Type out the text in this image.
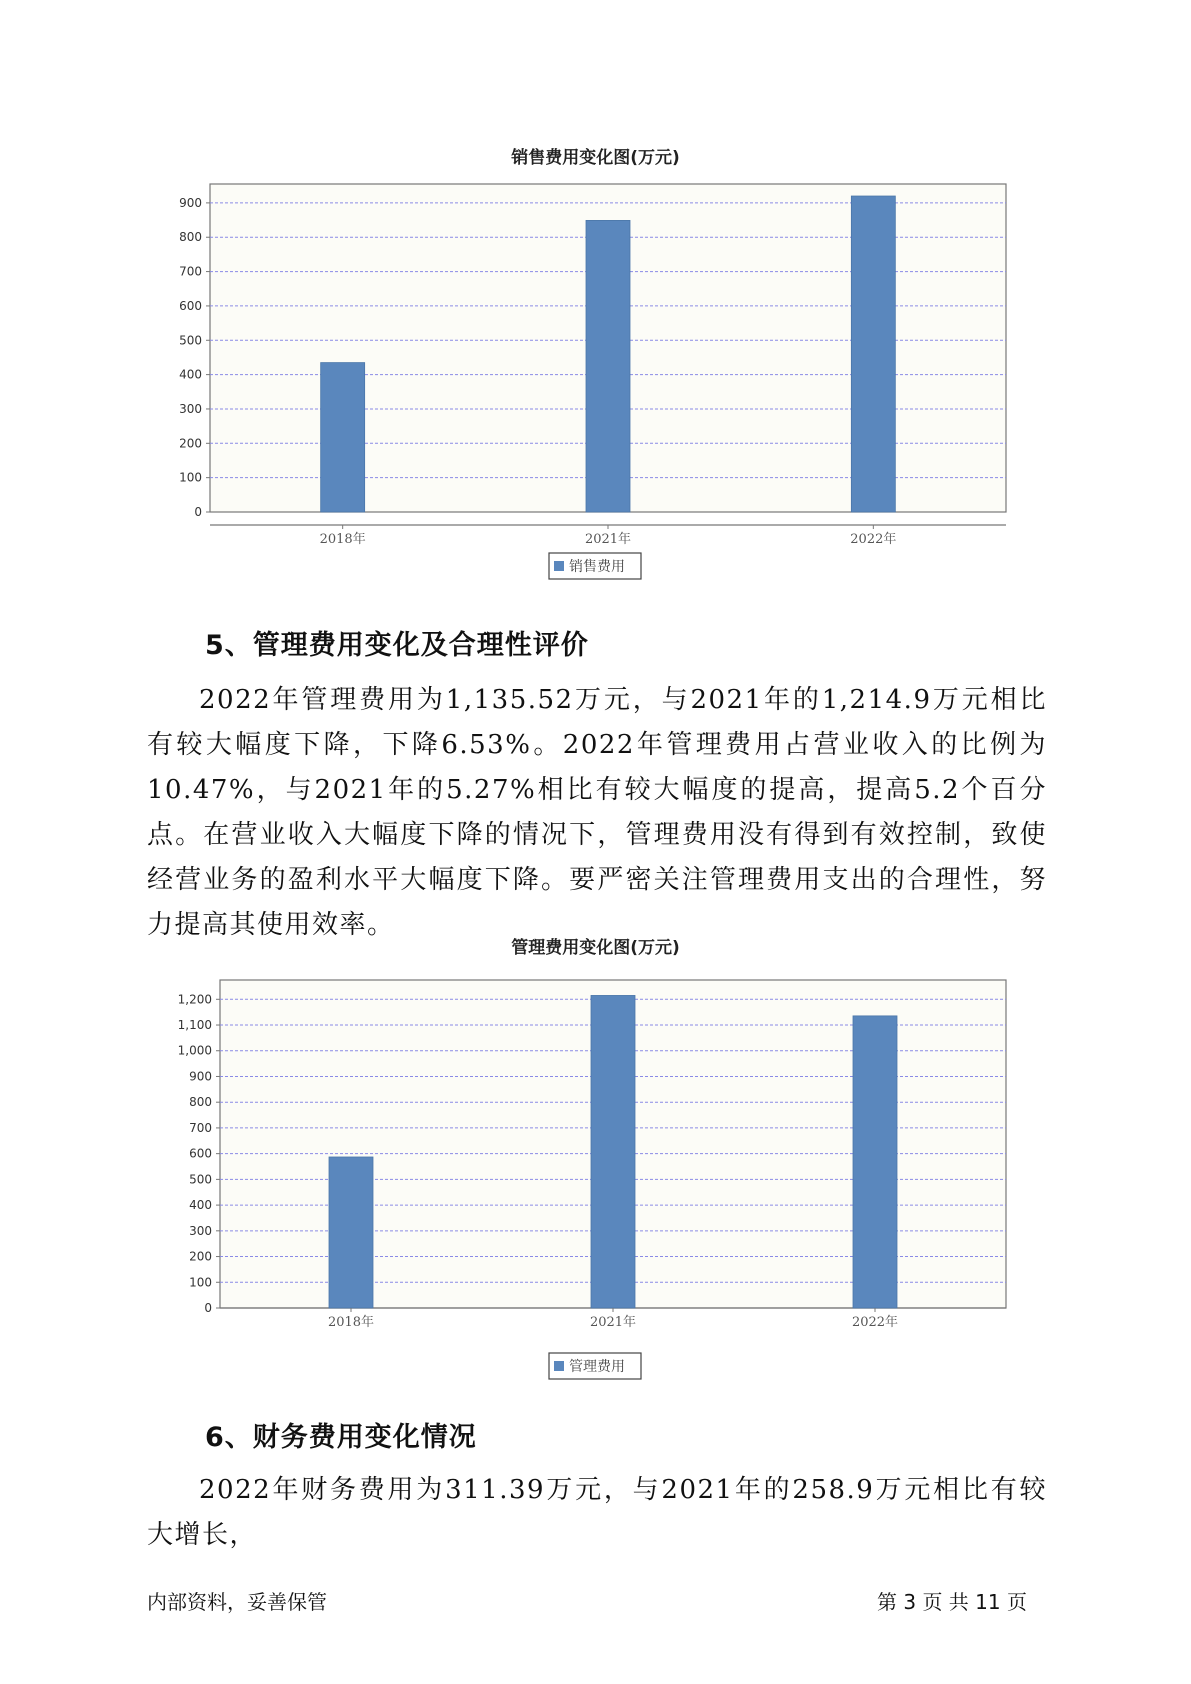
销售费用变化图(万元)
0
100
200
300
400
500
600
700
800
900
2018年	2021年	2022年
销售费用
5、管理费用变化及合理性评价
2022年管理费用为1,135.52万元，与2021年的1,214.9万元相比有较大幅度下降，下降6.53%。2022年管理费用占营业收入的比例为10.47%，与2021年的5.27%相比有较大幅度的提高，提高5.2个百分点。在营业收入大幅度下降的情况下，管理费用没有得到有效控制，致使经营业务的盈利水平大幅度下降。要严密关注管理费用支出的合理性，努力提高其使用效率。
管理费用变化图(万元)
0
100
200
300
400
500
600
700
800
900
1,000
1,100
1,200
2018年	2021年	2022年
管理费用
6、财务费用变化情况
2022年财务费用为311.39万元，与2021年的258.9万元相比有较大增长，
内部资料，妥善保管	第 3 页 共 11 页
